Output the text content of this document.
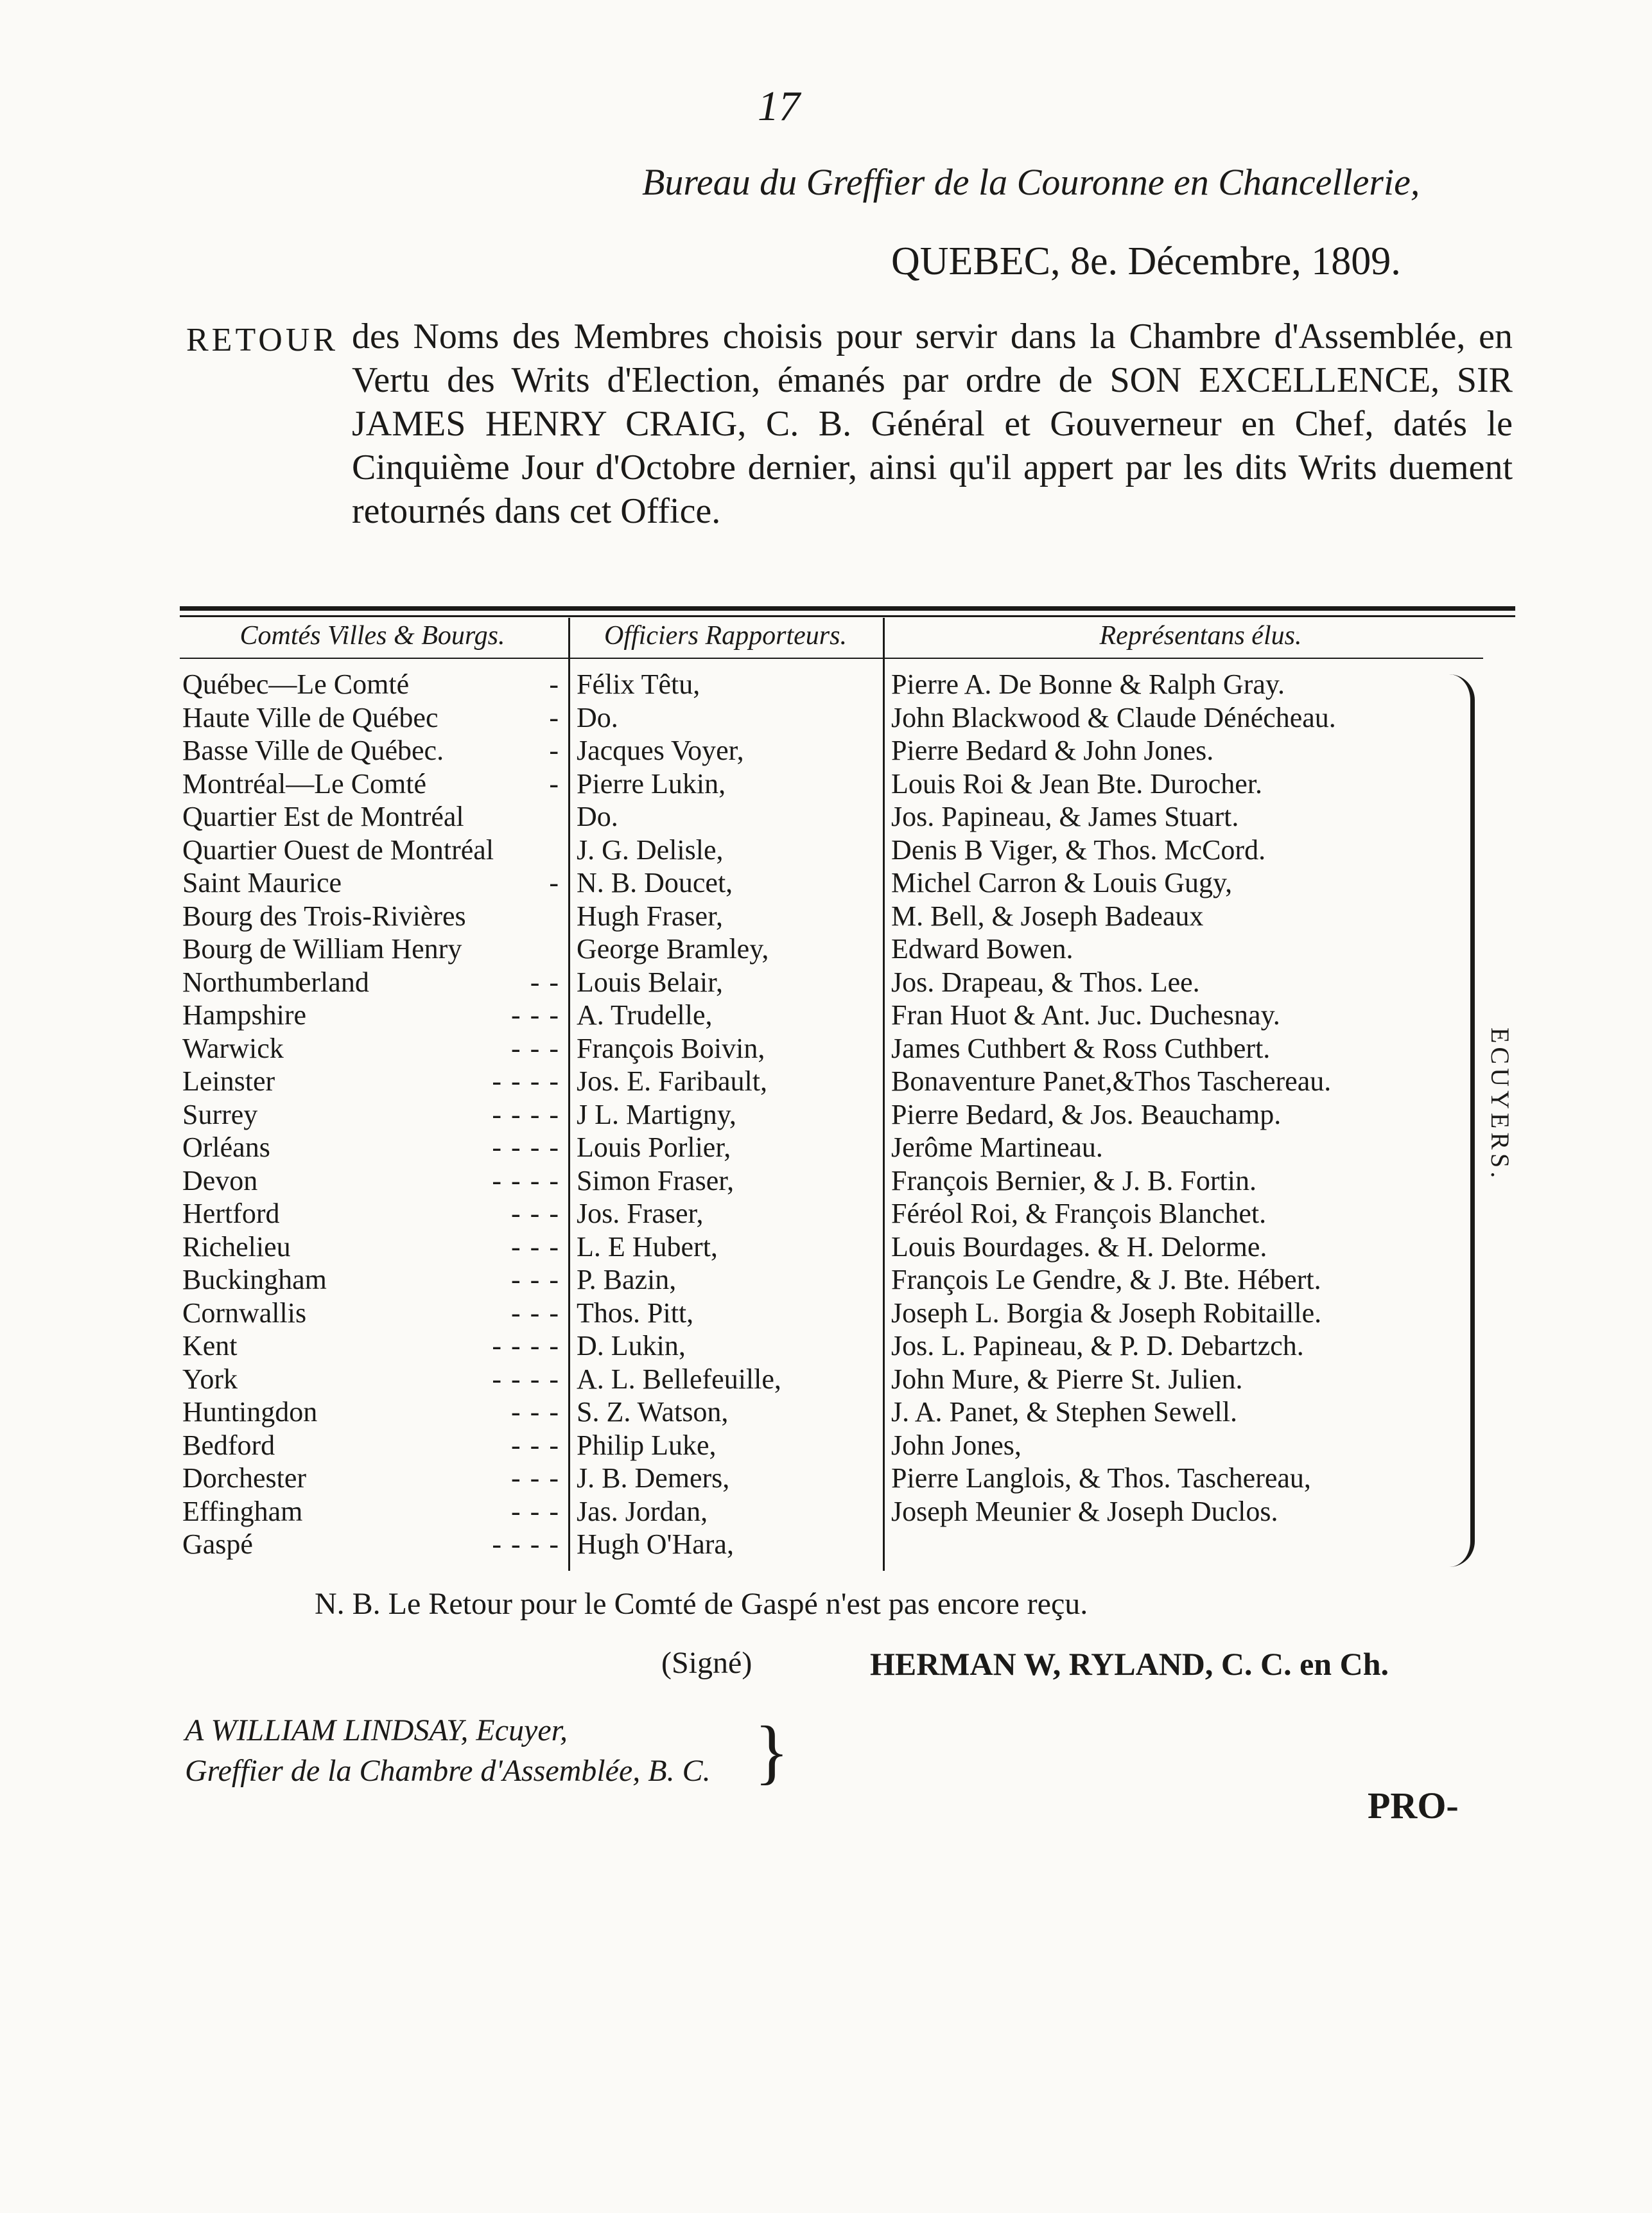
17
Bureau du Greffier de la Couronne en Chancellerie,
QUEBEC, 8e. Décembre, 1809.
RETOUR des Noms des Membres choisis pour servir dans la Chambre d'Assemblée, en Vertu des Writs d'Election, émanés par ordre de SON EXCELLENCE, SIR JAMES HENRY CRAIG, C. B. Général et Gouverneur en Chef, datés le Cinquième Jour d'Octobre dernier, ainsi qu'il appert par les dits Writs duement retournés dans cet Office.
Comtés Villes & Bourgs.	Officiers Rapporteurs.	Représentans élus.
Québec—Le Comté	- Félix Têtu,	Pierre A. De Bonne & Ralph Gray.
Haute Ville de Québec	- Do.	John Blackwood & Claude Dénécheau.
Basse Ville de Québec.	- Jacques Voyer,	Pierre Bedard & John Jones.
Montréal—Le Comté	- Pierre Lukin,	Louis Roi & Jean Bte. Durocher.
Quartier Est de Montréal	Do.	Jos. Papineau, & James Stuart.
Quartier Ouest de Montréal	J. G. Delisle,	Denis B Viger, & Thos. McCord.
Saint Maurice	- N. B. Doucet,	Michel Carron & Louis Gugy,
Bourg des Trois-Rivières	Hugh Fraser,	M. Bell, & Joseph Badeaux
Bourg de William Henry	George Bramley,	Edward Bowen.
Northumberland	- - Louis Belair,	Jos. Drapeau, & Thos. Lee.
Hampshire	- - - A. Trudelle,	Fran Huot & Ant. Juc. Duchesnay.
Warwick	- - - François Boivin,	James Cuthbert & Ross Cuthbert.
Leinster	- - - - Jos. E. Faribault,	Bonaventure Panet,&Thos Taschereau.
Surrey	- - - - J L. Martigny,	Pierre Bedard, & Jos. Beauchamp.
Orléans	- - - - Louis Porlier,	Jerôme Martineau.
Devon	- - - - Simon Fraser,	François Bernier, & J. B. Fortin.
Hertford	- - - Jos. Fraser,	Féréol Roi, & François Blanchet.
Richelieu	- - - L. E Hubert,	Louis Bourdages. & H. Delorme.
Buckingham	- - - P. Bazin,	François Le Gendre, & J. Bte. Hébert.
Cornwallis	- - - Thos. Pitt,	Joseph L. Borgia & Joseph Robitaille.
Kent	- - - - D. Lukin,	Jos. L. Papineau, & P. D. Debartzch.
York	- - - - A. L. Bellefeuille,	John Mure, & Pierre St. Julien.
Huntingdon	- - - S. Z. Watson,	J. A. Panet, & Stephen Sewell.
Bedford	- - - Philip Luke,	John Jones,
Dorchester	- - - J. B. Demers,	Pierre Langlois, & Thos. Taschereau,
Effingham	- - - Jas. Jordan,	Joseph Meunier & Joseph Duclos.
Gaspé	- - - - Hugh O'Hara,
ECUYERS.
N. B. Le Retour pour le Comté de Gaspé n'est pas encore reçu.
(Signé)	HERMAN W, RYLAND, C. C. en Ch.
A WILLIAM LINDSAY, Ecuyer,
Greffier de la Chambre d'Assemblée, B. C. }
PRO-
